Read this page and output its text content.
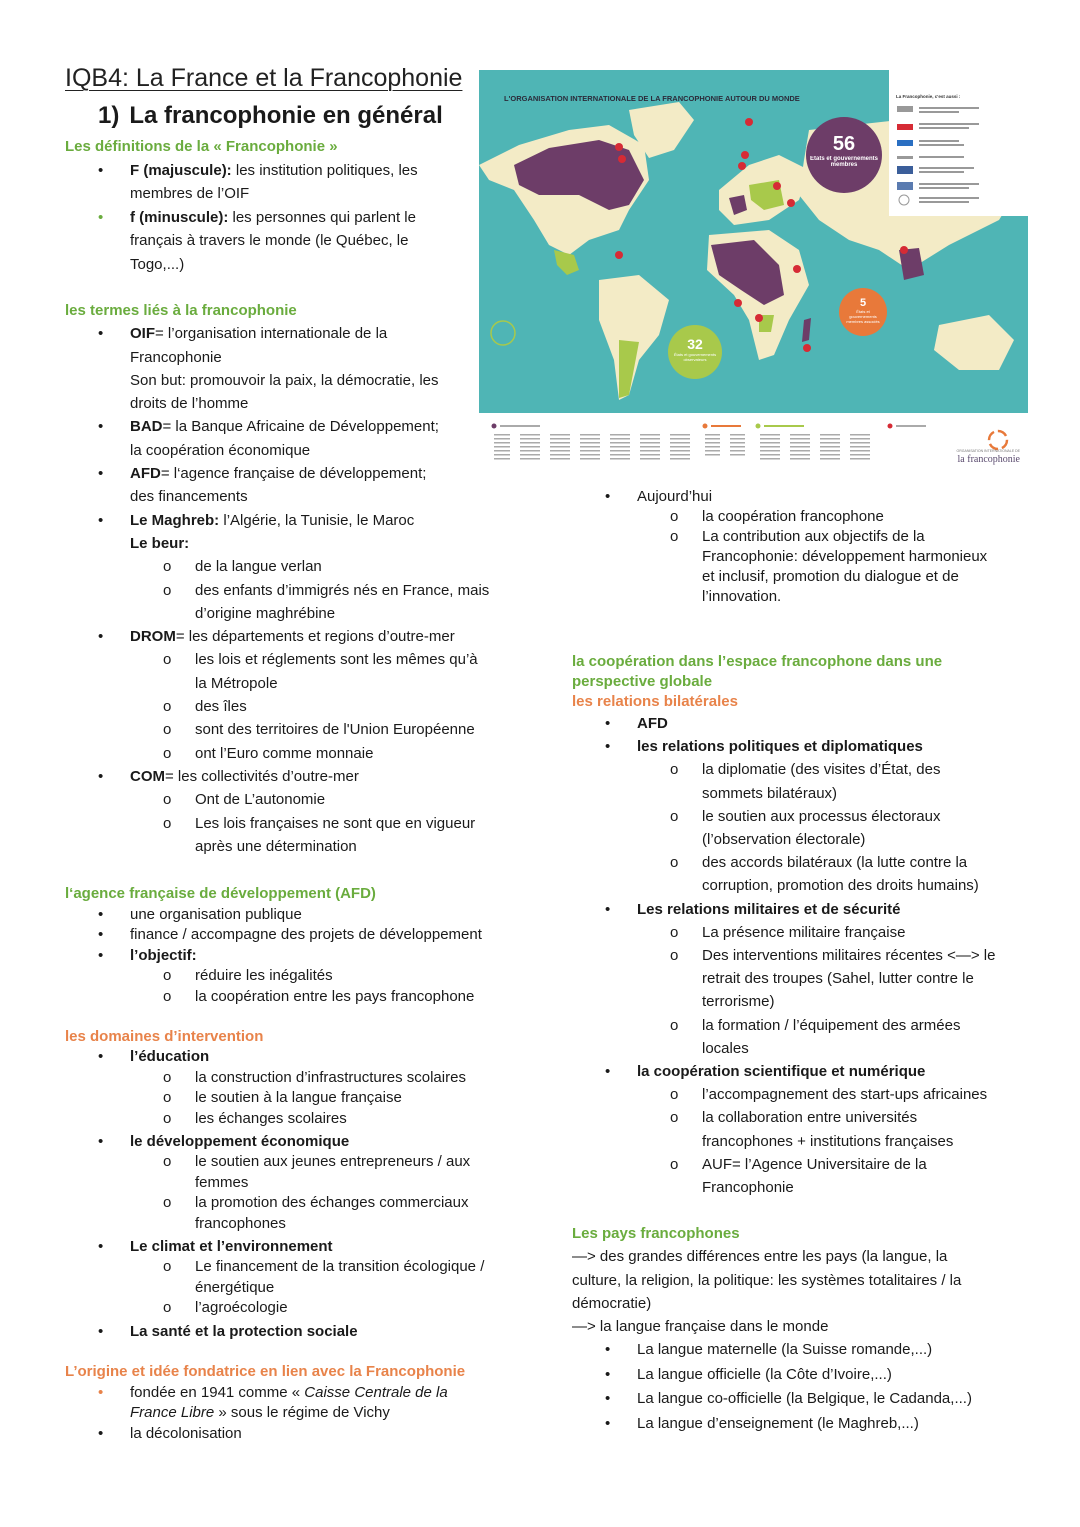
IQB4: La France et la Francophonie
1) La francophonie en général
Les définitions de la « Francophonie »
• F (majuscule): les institution politiques, les
membres de l’OIF
• f (minuscule): les personnes qui parlent le
français à travers le monde (le Québec, le
Togo,...)
les termes liés à la francophonie
• OIF= l’organisation internationale de la
Francophonie
Son but: promouvoir la paix, la démocratie, les
droits de l’homme
• BAD= la Banque Africaine de Développement;
la coopération économique
• AFD= l‘agence française de développement;
des financements
• Le Maghreb: l’Algérie, la Tunisie, le Maroc
Le beur:
o de la langue verlan
o des enfants d’immigrés nés en France, mais
d’origine maghrébine
• DROM= les départements et regions d’outre-mer
o les lois et réglements sont les mêmes qu’à
la Métropole
o des îles
o sont des territoires de l'Union Européenne
o ont l’Euro comme monnaie
• COM= les collectivités d’outre-mer
o Ont de L’autonomie
o Les lois françaises ne sont que en vigueur
après une détermination
l‘agence française de développement (AFD)
• une organisation publique
• finance / accompagne des projets de développement
• l’objectif:
o réduire les inégalités
o la coopération entre les pays francophone
les domaines d’intervention
• l’éducation
o la construction d’infrastructures scolaires
o le soutien à la langue française
o les échanges scolaires
• le développement économique
o le soutien aux jeunes entrepreneurs / aux
femmes
o la promotion des échanges commerciaux
francophones
• Le climat et l’environnement
o Le financement de la transition écologique /
énergétique
o l’agroécologie
• La santé et la protection sociale
L’origine et idée fondatrice en lien avec la Francophonie
• fondée en 1941 comme « Caisse Centrale de la
France Libre » sous le régime de Vichy
• la décolonisation
• Aujourd’hui
o la coopération francophone
o La contribution aux objectifs de la
Francophonie: développement harmonieux
et inclusif, promotion du dialogue et de
l’innovation.
la coopération dans l’espace francophone dans une
perspective globale
les relations bilatérales
• AFD
• les relations politiques et diplomatiques
o la diplomatie (des visites d’État, des
sommets bilatéraux)
o le soutien aux processus électoraux
(l’observation électorale)
o des accords bilatéraux (la lutte contre la
corruption, promotion des droits humains)
• Les relations militaires et de sécurité
o La présence militaire française
o Des interventions militaires récentes <—> le
retrait des troupes (Sahel, lutter contre le
terrorisme)
o la formation / l’équipement des armées
locales
• la coopération scientifique et numérique
o l’accompagnement des start-ups africaines
o la collaboration entre universités
francophones + institutions françaises
o AUF= l’Agence Universitaire de la
Francophonie
Les pays francophones
—> des grandes différences entre les pays (la langue, la
culture, la religion, la politique: les systèmes totalitaires / la
démocratie)
—> la langue française dans le monde
• La langue maternelle (la Suisse romande,...)
• La langue officielle (la Côte d’Ivoire,...)
• La langue co-officielle (la Belgique, le Cadanda,...)
• La langue d’enseignement (le Maghreb,...)
L'ORGANISATION INTERNATIONALE DE LA FRANCOPHONIE AUTOUR DU MONDE	La Francophonie, c'est aussi :
56
États et gouvernements membres
32
États et gouvernements observateurs
5
États et gouvernements membres associés
ORGANISATION INTERNATIONALE DE
la francophonie
